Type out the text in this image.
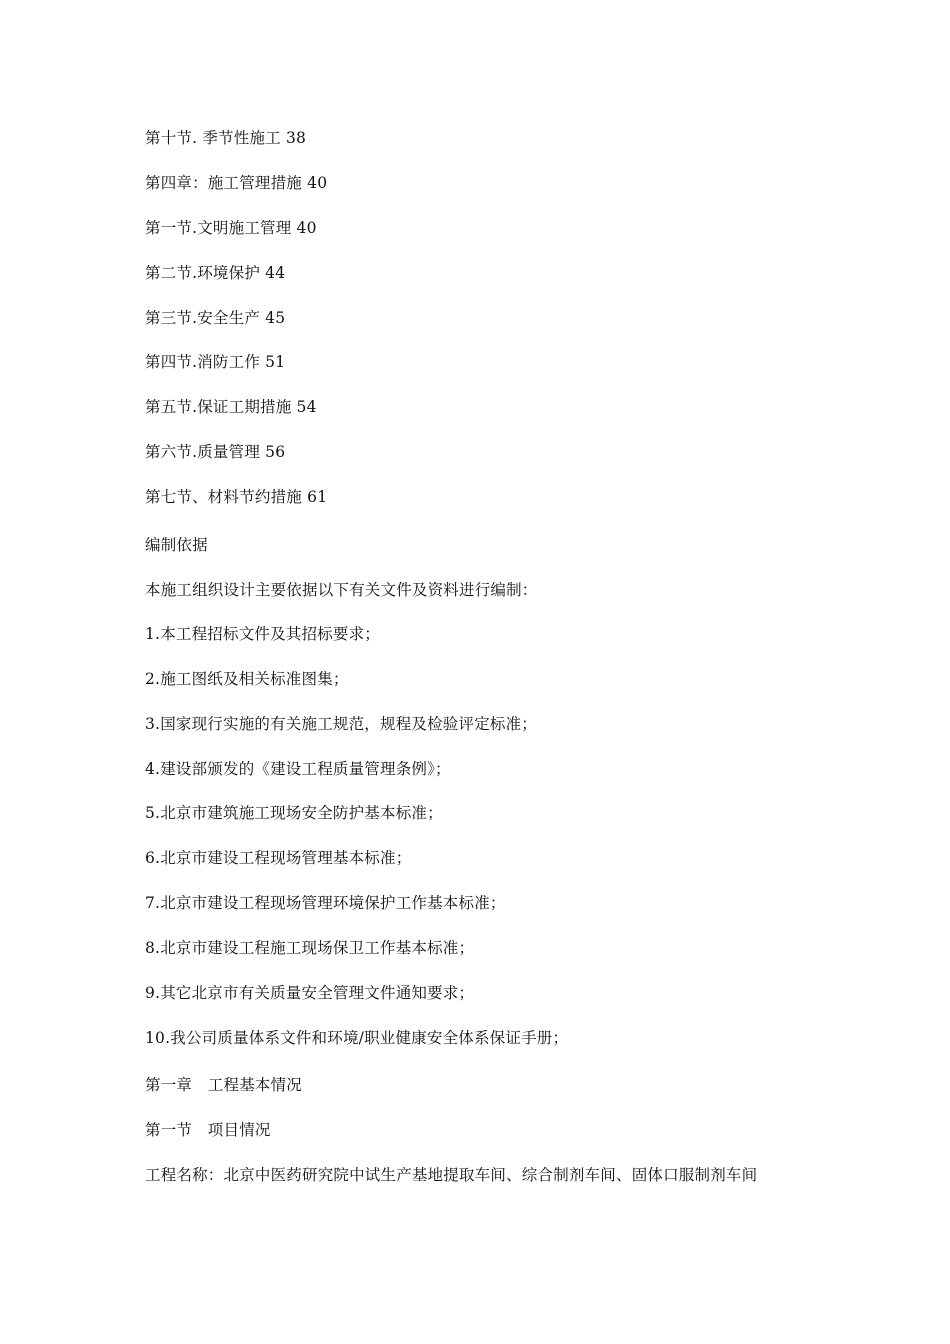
第十节. 季节性施工 38
第四章：施工管理措施 40
第一节.文明施工管理 40
第二节.环境保护 44
第三节.安全生产 45
第四节.消防工作 51
第五节.保证工期措施 54
第六节.质量管理 56
第七节、材料节约措施 61
编制依据
本施工组织设计主要依据以下有关文件及资料进行编制：
1.本工程招标文件及其招标要求；
2.施工图纸及相关标准图集；
3.国家现行实施的有关施工规范，规程及检验评定标准；
4.建设部颁发的《建设工程质量管理条例》；
5.北京市建筑施工现场安全防护基本标准；
6.北京市建设工程现场管理基本标准；
7.北京市建设工程现场管理环境保护工作基本标准；
8.北京市建设工程施工现场保卫工作基本标准；
9.其它北京市有关质量安全管理文件通知要求；
10.我公司质量体系文件和环境/职业健康安全体系保证手册；
第一章　工程基本情况
第一节　项目情况
工程名称：北京中医药研究院中试生产基地提取车间、综合制剂车间、固体口服制剂车间
